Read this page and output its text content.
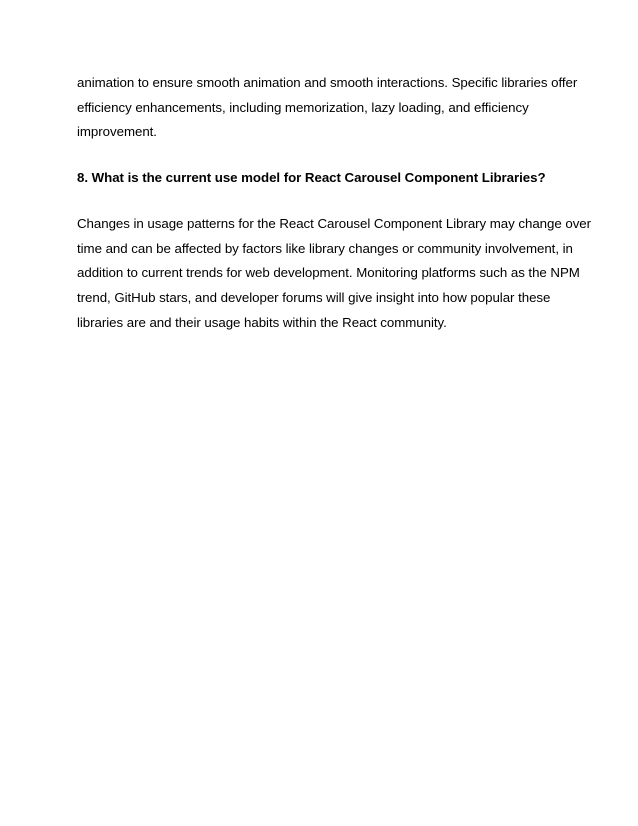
animation to ensure smooth animation and smooth interactions. Specific libraries offer
efficiency enhancements, including memorization, lazy loading, and efficiency
improvement.

8. What is the current use model for React Carousel Component Libraries?

Changes in usage patterns for the React Carousel Component Library may change over
time and can be affected by factors like library changes or community involvement, in
addition to current trends for web development. Monitoring platforms such as the NPM
trend, GitHub stars, and developer forums will give insight into how popular these
libraries are and their usage habits within the React community.
